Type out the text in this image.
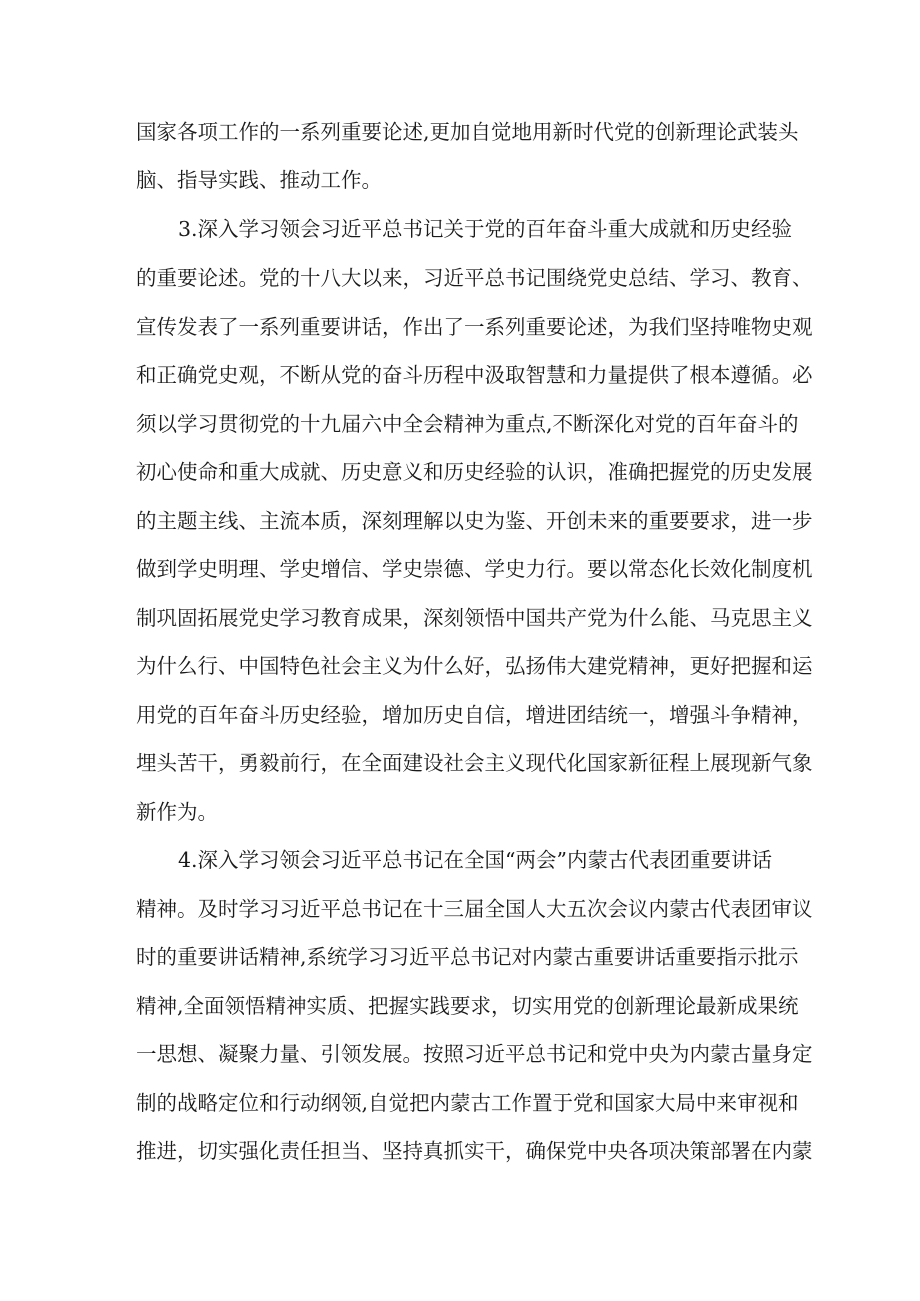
国家各项工作的一系列重要论述,更加自觉地用新时代党的创新理论武装头

脑、指导实践、推动工作。

3.深入学习领会习近平总书记关于党的百年奋斗重大成就和历史经验

的重要论述。党的十八大以来，习近平总书记围绕党史总结、学习、教育、

宣传发表了一系列重要讲话，作出了一系列重要论述，为我们坚持唯物史观

和正确党史观，不断从党的奋斗历程中汲取智慧和力量提供了根本遵循。必

须以学习贯彻党的十九届六中全会精神为重点,不断深化对党的百年奋斗的

初心使命和重大成就、历史意义和历史经验的认识，准确把握党的历史发展

的主题主线、主流本质，深刻理解以史为鉴、开创未来的重要要求，进一步

做到学史明理、学史增信、学史崇德、学史力行。要以常态化长效化制度机

制巩固拓展党史学习教育成果，深刻领悟中国共产党为什么能、马克思主义

为什么行、中国特色社会主义为什么好，弘扬伟大建党精神，更好把握和运

用党的百年奋斗历史经验，增加历史自信，增进团结统一，增强斗争精神，

埋头苦干，勇毅前行，在全面建设社会主义现代化国家新征程上展现新气象

新作为。

4.深入学习领会习近平总书记在全国“两会”内蒙古代表团重要讲话

精神。及时学习习近平总书记在十三届全国人大五次会议内蒙古代表团审议

时的重要讲话精神,系统学习习近平总书记对内蒙古重要讲话重要指示批示

精神,全面领悟精神实质、把握实践要求，切实用党的创新理论最新成果统

一思想、凝聚力量、引领发展。按照习近平总书记和党中央为内蒙古量身定

制的战略定位和行动纲领,自觉把内蒙古工作置于党和国家大局中来审视和

推进，切实强化责任担当、坚持真抓实干，确保党中央各项决策部署在内蒙
